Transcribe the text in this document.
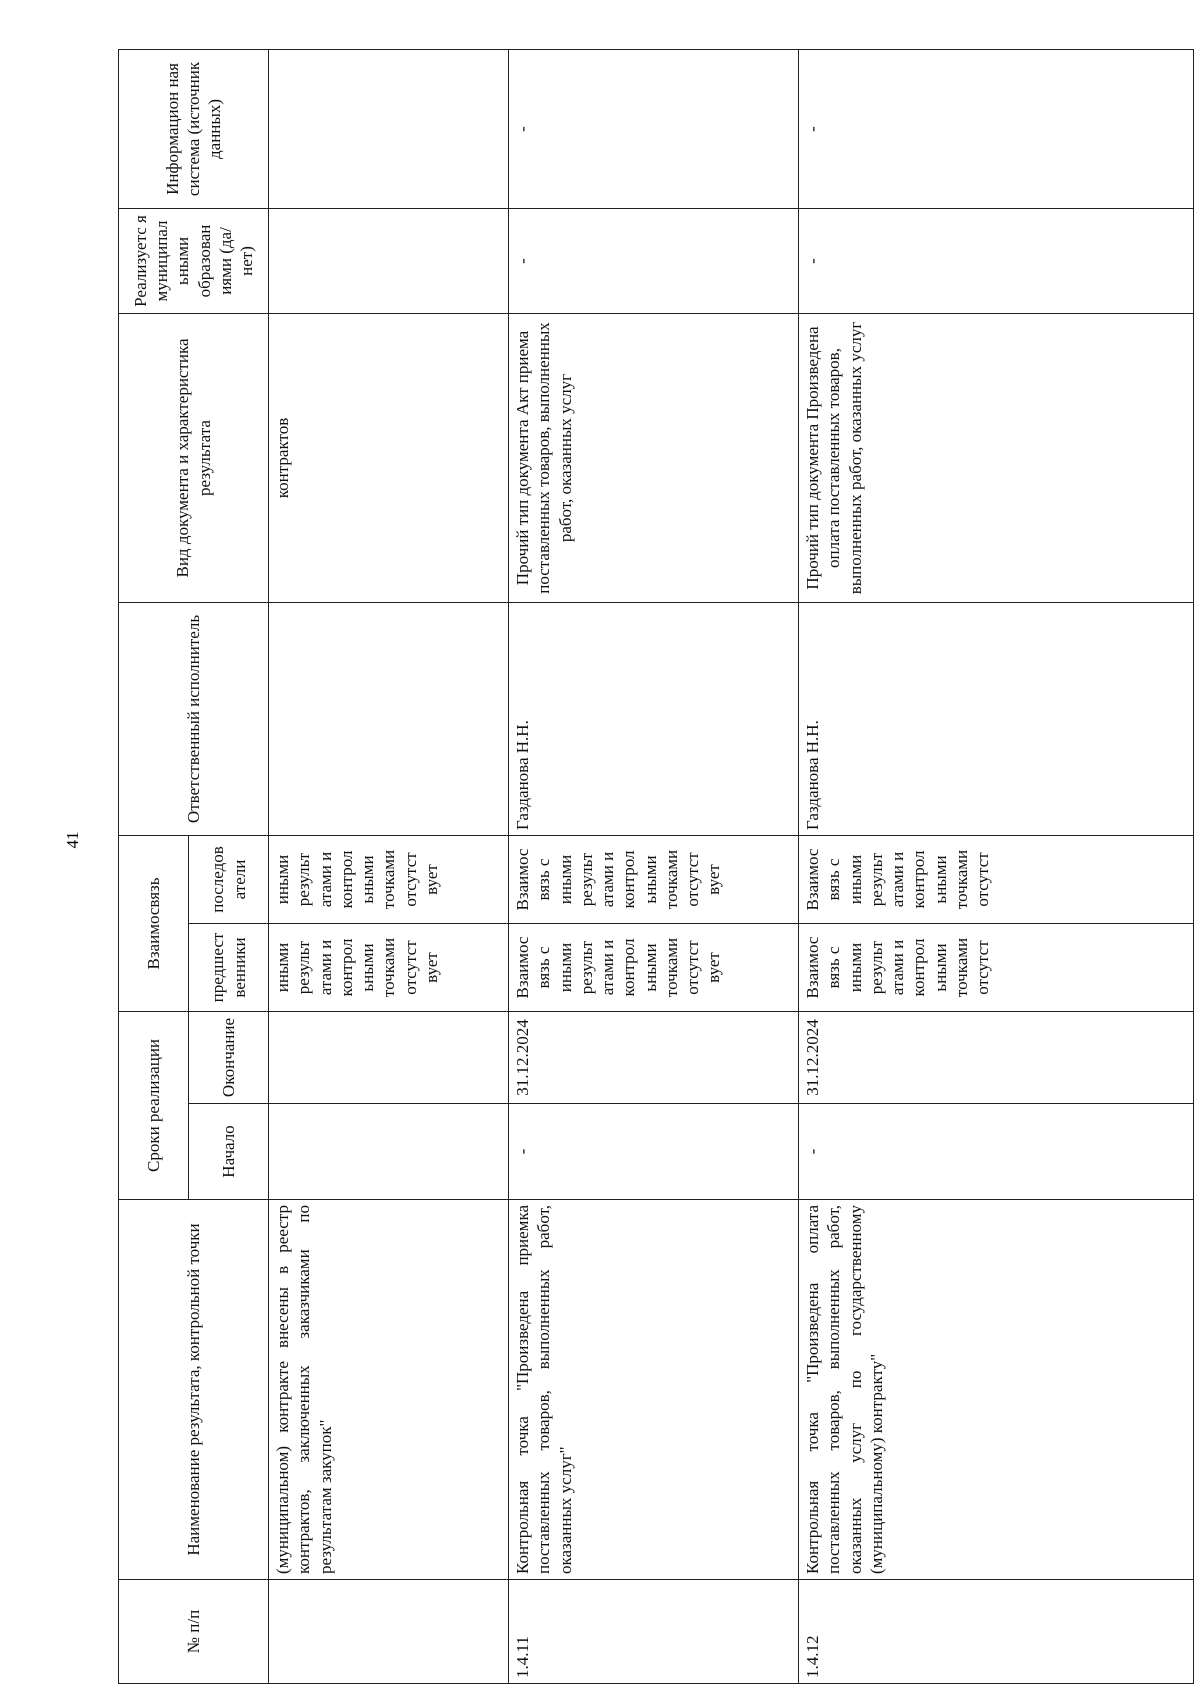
41
№ п/п	Наименование результата, контрольной точки	Сроки реализации		Взаимосвязь		Ответственный исполнитель	Вид документа и характеристика результата	Реализуетс я муниципал ьными образован иями (да/нет)	Информацион ная система (источник данных)
		Начало	Окончание	предшест венники	последов атели				
	(муниципальном) контракте внесены в реестр контрактов, заключенных заказчиками по результатам закупок"			иными результ атами и контрол ьными точками отсутст вует	иными результ атами и контрол ьными точками отсутст вует		контрактов		
1.4.11	Контрольная точка "Произведена приемка поставленных товаров, выполненных работ, оказанных услуг"	-	31.12.2024	Взаимос вязь с иными результ атами и контрол ьными точками отсутст вует	Взаимос вязь с иными результ атами и контрол ьными точками отсутст вует	Газданова Н.Н.	Прочий тип документа Акт приема поставленных товаров, выполненных работ, оказанных услуг	-	-
1.4.12	Контрольная точка "Произведена оплата поставленных товаров, выполненных работ, оказанных услуг по государственному (муниципальному) контракту"	-	31.12.2024	Взаимос вязь с иными результ атами и контрол ьными точками отсутст	Взаимос вязь с иными результ атами и контрол ьными точками отсутст	Газданова Н.Н.	Прочий тип документа Произведена оплата поставленных товаров, выполненных работ, оказанных услуг	-	-
